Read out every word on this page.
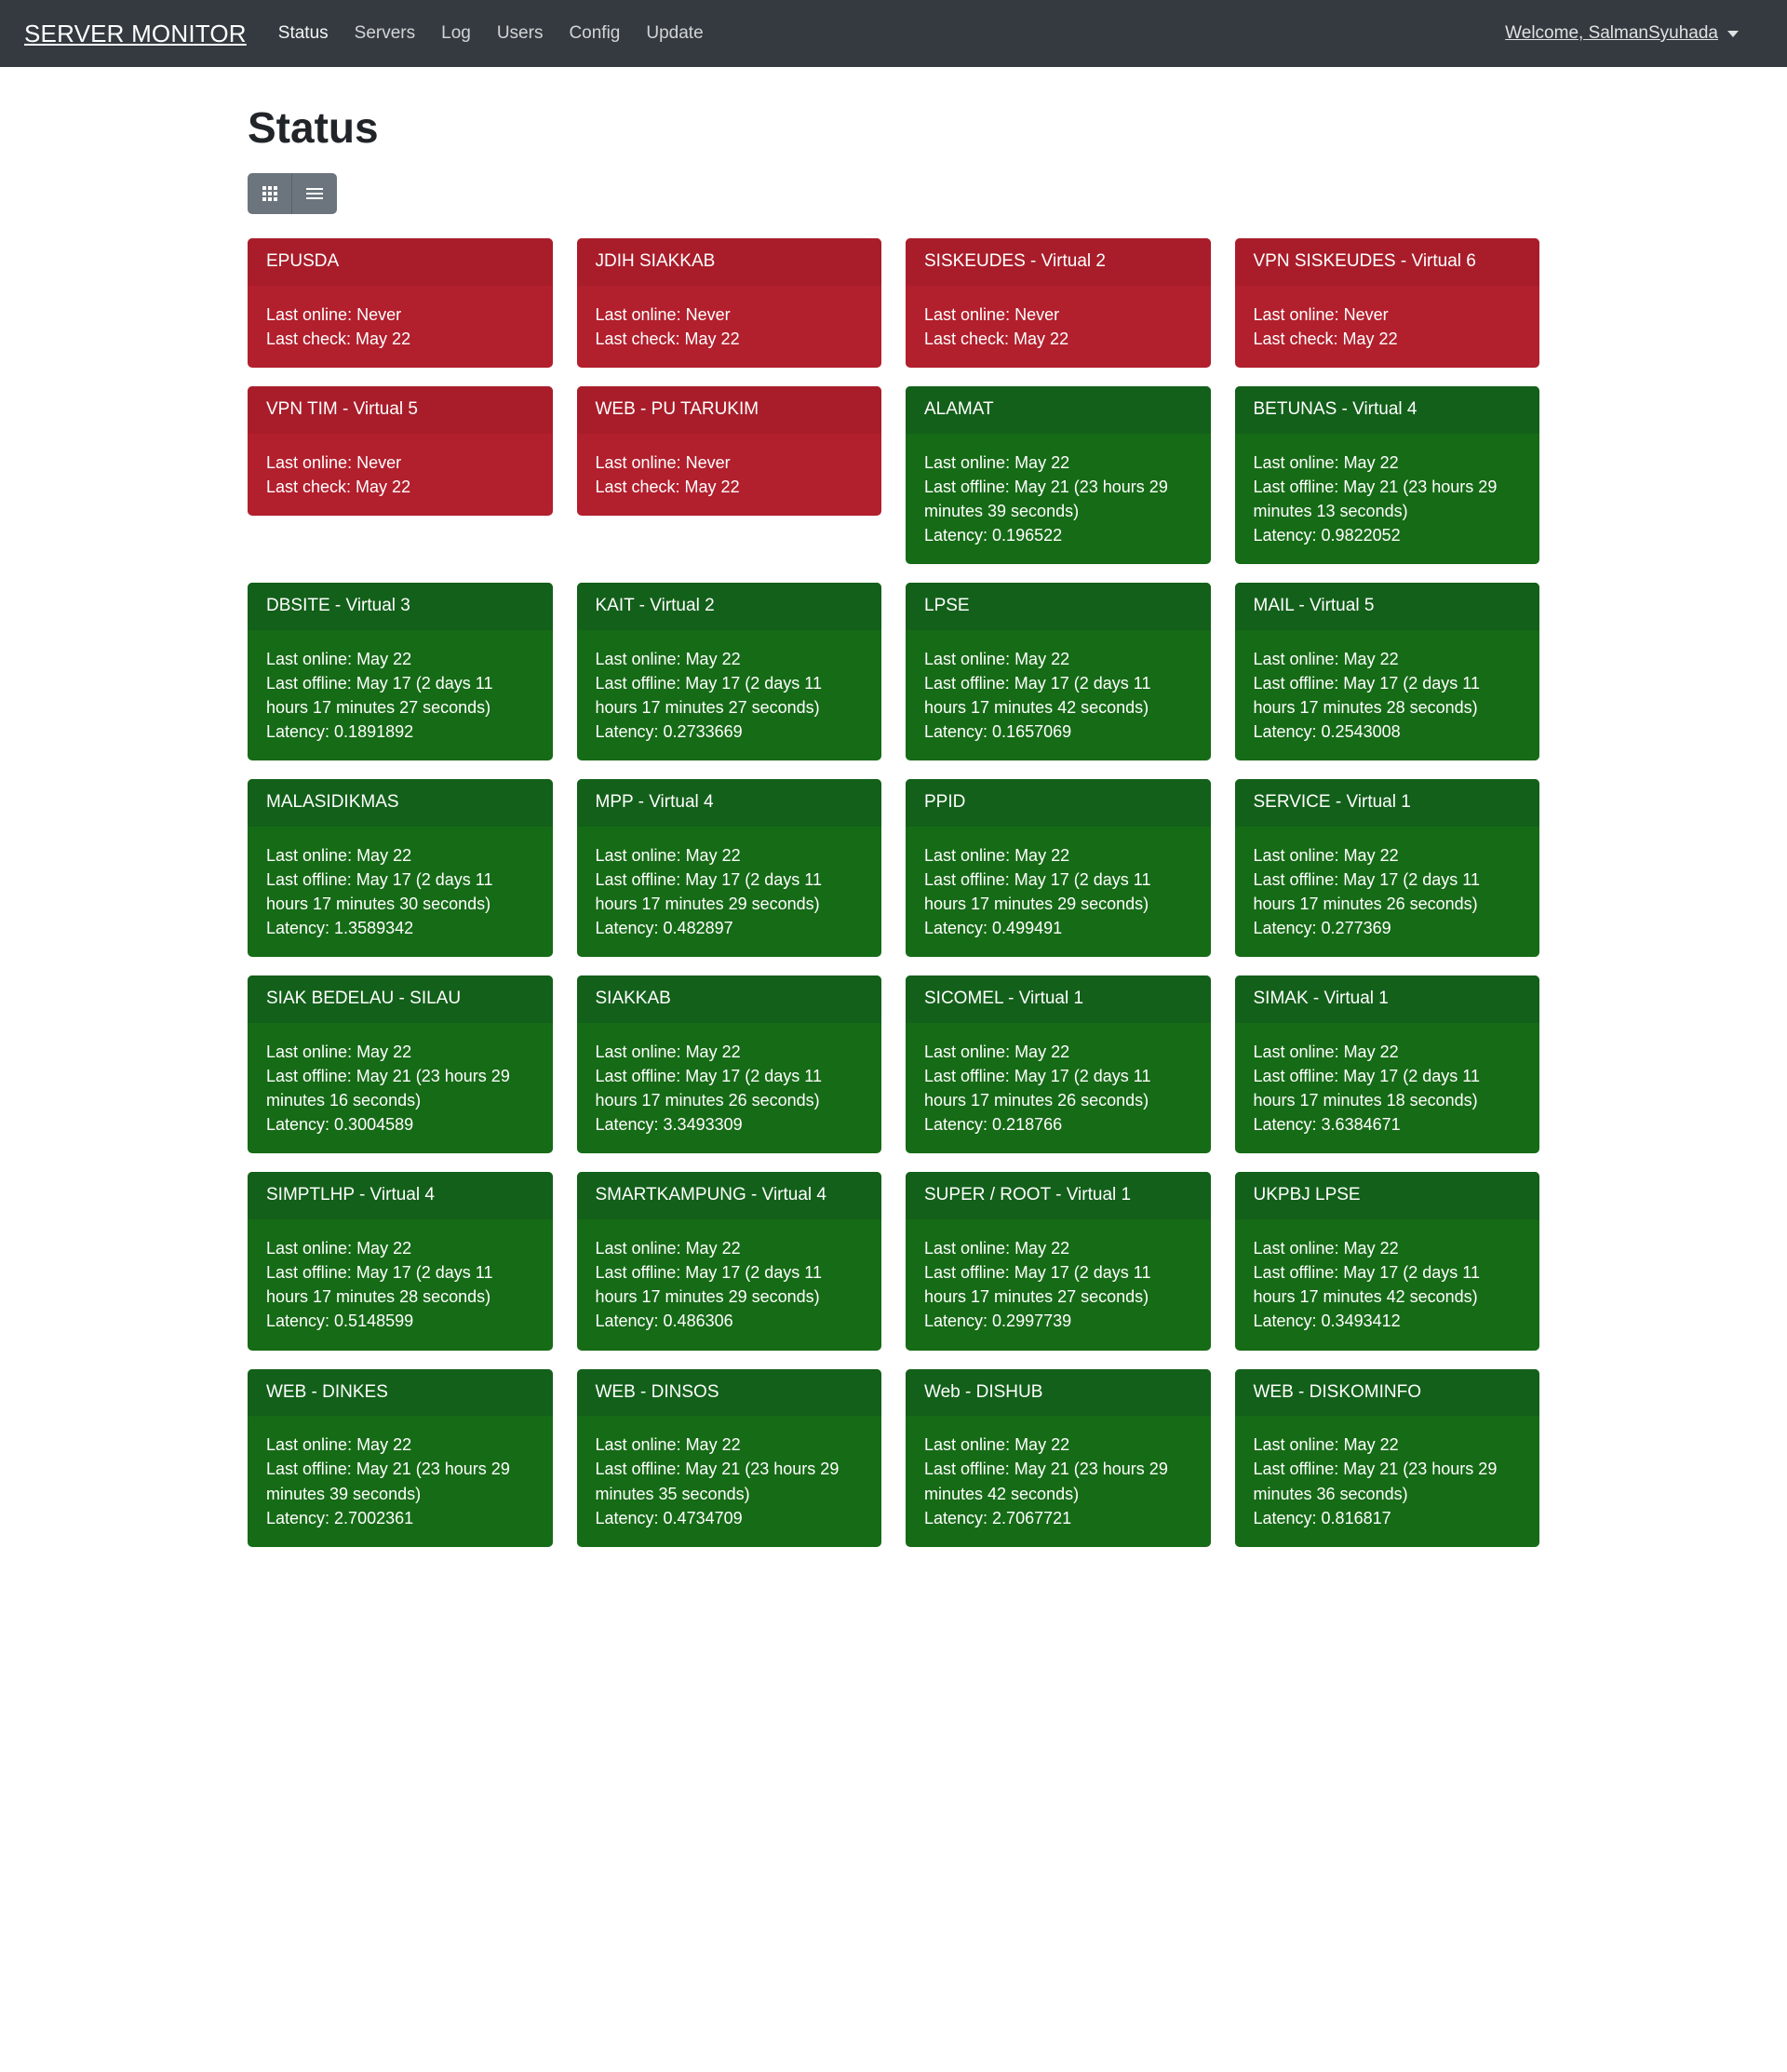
SERVER MONITOR Status Servers Log Users Config Update	Welcome, SalmanSyuhada
Status
EPUSDA
Last online: Never
Last check: May 22
JDIH SIAKKAB
Last online: Never
Last check: May 22
SISKEUDES - Virtual 2
Last online: Never
Last check: May 22
VPN SISKEUDES - Virtual 6
Last online: Never
Last check: May 22
VPN TIM - Virtual 5
Last online: Never
Last check: May 22
WEB - PU TARUKIM
Last online: Never
Last check: May 22
ALAMAT
Last online: May 22
Last offline: May 21 (23 hours 29 minutes 39 seconds)
Latency: 0.196522
BETUNAS - Virtual 4
Last online: May 22
Last offline: May 21 (23 hours 29 minutes 13 seconds)
Latency: 0.9822052
DBSITE - Virtual 3
Last online: May 22
Last offline: May 17 (2 days 11 hours 17 minutes 27 seconds)
Latency: 0.1891892
KAIT - Virtual 2
Last online: May 22
Last offline: May 17 (2 days 11 hours 17 minutes 27 seconds)
Latency: 0.2733669
LPSE
Last online: May 22
Last offline: May 17 (2 days 11 hours 17 minutes 42 seconds)
Latency: 0.1657069
MAIL - Virtual 5
Last online: May 22
Last offline: May 17 (2 days 11 hours 17 minutes 28 seconds)
Latency: 0.2543008
MALASIDIKMAS
Last online: May 22
Last offline: May 17 (2 days 11 hours 17 minutes 30 seconds)
Latency: 1.3589342
MPP - Virtual 4
Last online: May 22
Last offline: May 17 (2 days 11 hours 17 minutes 29 seconds)
Latency: 0.482897
PPID
Last online: May 22
Last offline: May 17 (2 days 11 hours 17 minutes 29 seconds)
Latency: 0.499491
SERVICE - Virtual 1
Last online: May 22
Last offline: May 17 (2 days 11 hours 17 minutes 26 seconds)
Latency: 0.277369
SIAK BEDELAU - SILAU
Last online: May 22
Last offline: May 21 (23 hours 29 minutes 16 seconds)
Latency: 0.3004589
SIAKKAB
Last online: May 22
Last offline: May 17 (2 days 11 hours 17 minutes 26 seconds)
Latency: 3.3493309
SICOMEL - Virtual 1
Last online: May 22
Last offline: May 17 (2 days 11 hours 17 minutes 26 seconds)
Latency: 0.218766
SIMAK - Virtual 1
Last online: May 22
Last offline: May 17 (2 days 11 hours 17 minutes 18 seconds)
Latency: 3.6384671
SIMPTLHP - Virtual 4
Last online: May 22
Last offline: May 17 (2 days 11 hours 17 minutes 28 seconds)
Latency: 0.5148599
SMARTKAMPUNG - Virtual 4
Last online: May 22
Last offline: May 17 (2 days 11 hours 17 minutes 29 seconds)
Latency: 0.486306
SUPER / ROOT - Virtual 1
Last online: May 22
Last offline: May 17 (2 days 11 hours 17 minutes 27 seconds)
Latency: 0.2997739
UKPBJ LPSE
Last online: May 22
Last offline: May 17 (2 days 11 hours 17 minutes 42 seconds)
Latency: 0.3493412
WEB - DINKES
Last online: May 22
Last offline: May 21 (23 hours 29 minutes 39 seconds)
Latency: 2.7002361
WEB - DINSOS
Last online: May 22
Last offline: May 21 (23 hours 29 minutes 35 seconds)
Latency: 0.4734709
Web - DISHUB
Last online: May 22
Last offline: May 21 (23 hours 29 minutes 42 seconds)
Latency: 2.7067721
WEB - DISKOMINFO
Last online: May 22
Last offline: May 21 (23 hours 29 minutes 36 seconds)
Latency: 0.816817
